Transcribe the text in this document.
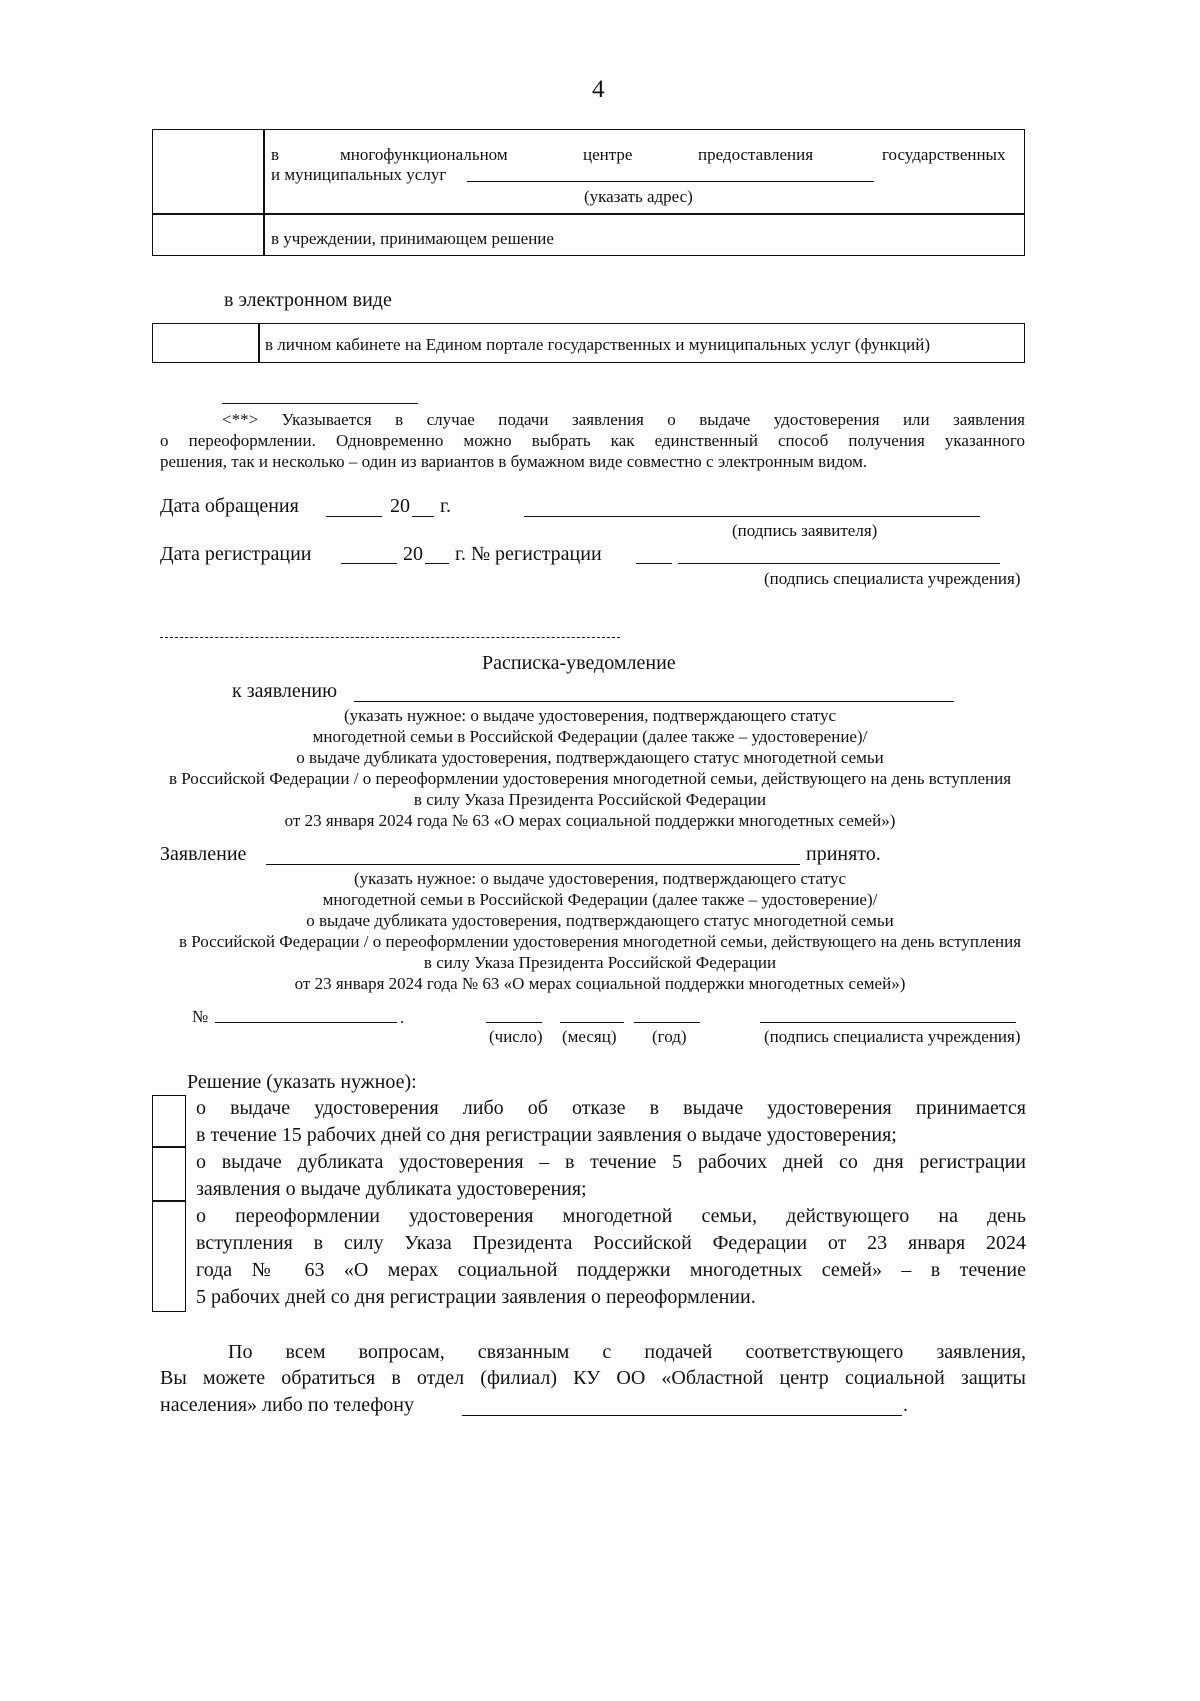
4
в	многофункциональном	центре	предоставления	государственных
и муниципальных услуг
(указать адрес)
в учреждении, принимающем решение
в электронном виде
в личном кабинете на Едином портале государственных и муниципальных услуг (функций)
<**> Указывается в случае подачи заявления о выдаче удостоверения или заявления
о переоформлении. Одновременно можно выбрать как единственный способ получения указанного
решения, так и несколько – один из вариантов в бумажном виде совместно с электронным видом.
Дата обращения	20 г.
(подпись заявителя)
Дата регистрации	20 г. № регистрации
(подпись специалиста учреждения)
Расписка-уведомление
к заявлению
(указать нужное: о выдаче удостоверения, подтверждающего статус
многодетной семьи в Российской Федерации (далее также – удостоверение)/
о выдаче дубликата удостоверения, подтверждающего статус многодетной семьи
в Российской Федерации / о переоформлении удостоверения многодетной семьи, действующего на день вступления
в силу Указа Президента Российской Федерации
от 23 января 2024 года № 63 «О мерах социальной поддержки многодетных семей»)
Заявление	принято.
(указать нужное: о выдаче удостоверения, подтверждающего статус
многодетной семьи в Российской Федерации (далее также – удостоверение)/
о выдаче дубликата удостоверения, подтверждающего статус многодетной семьи
в Российской Федерации / о переоформлении удостоверения многодетной семьи, действующего на день вступления
в силу Указа Президента Российской Федерации
от 23 января 2024 года № 63 «О мерах социальной поддержки многодетных семей»)
№	.
(число) (месяц) (год)	(подпись специалиста учреждения)
Решение (указать нужное):
о выдаче удостоверения либо об отказе в выдаче удостоверения принимается
в течение 15 рабочих дней со дня регистрации заявления о выдаче удостоверения;
о выдаче дубликата удостоверения – в течение 5 рабочих дней со дня регистрации
заявления о выдаче дубликата удостоверения;
о переоформлении удостоверения многодетной семьи, действующего на день
вступления в силу Указа Президента Российской Федерации от 23 января 2024
года № 63 «О мерах социальной поддержки многодетных семей» – в течение
5 рабочих дней со дня регистрации заявления о переоформлении.
По всем вопросам, связанным с подачей соответствующего заявления,
Вы можете обратиться в отдел (филиал) КУ ОО «Областной центр социальной защиты
населения» либо по телефону	.
